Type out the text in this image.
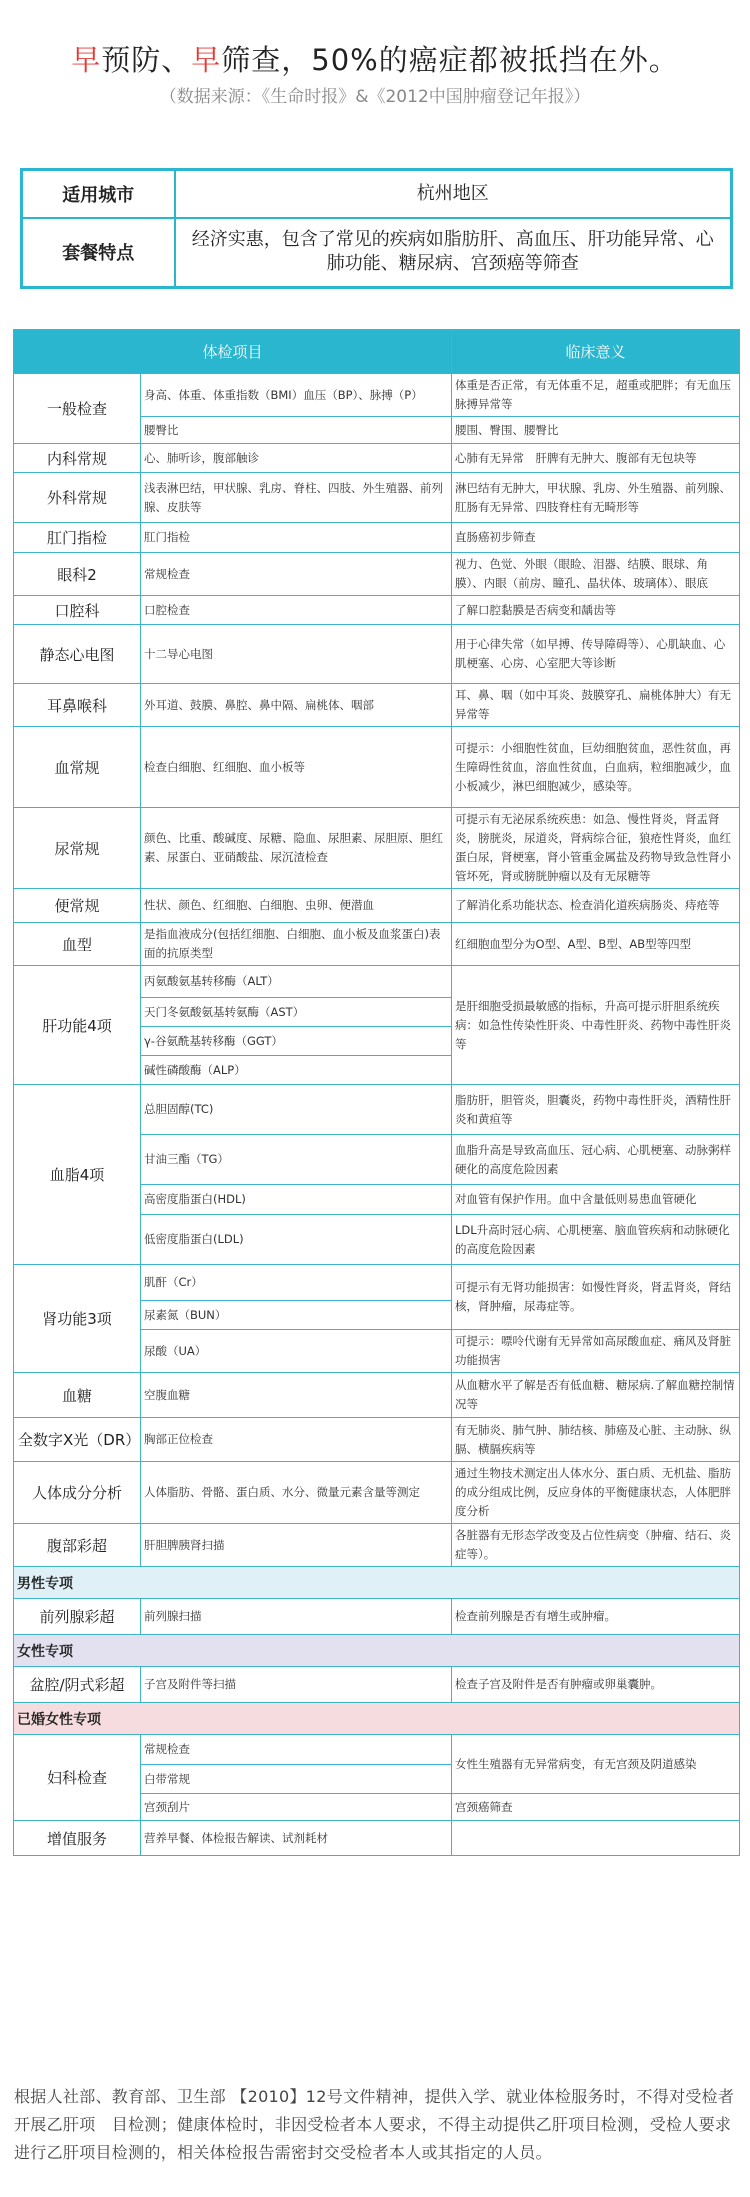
早预防、早筛查，50%的癌症都被抵挡在外。
（数据来源：《生命时报》&《2012中国肿瘤登记年报》）
适用城市	杭州地区
套餐特点	经济实惠，包含了常见的疾病如脂肪肝、高血压、肝功能异常、心肺功能、糖尿病、宫颈癌等筛查
体检项目		临床意义
一般检查	身高、体重、体重指数（BMI）血压（BP）、脉搏（P）	体重是否正常，有无体重不足，超重或肥胖；有无血压脉搏异常等
	腰臀比	腰围、臀围、腰臀比
内科常规	心、肺听诊，腹部触诊	心肺有无异常　肝脾有无肿大、腹部有无包块等
外科常规	浅表淋巴结，甲状腺、乳房、脊柱、四肢、外生殖器、前列腺、皮肤等	淋巴结有无肿大，甲状腺、乳房、外生殖器、前列腺、肛肠有无异常、四肢脊柱有无畸形等
肛门指检	肛门指检	直肠癌初步筛查
眼科2	常规检查	视力、色觉、外眼（眼睑、泪器、结膜、眼球、角膜）、内眼（前房、瞳孔、晶状体、玻璃体）、眼底
口腔科	口腔检查	了解口腔黏膜是否病变和龋齿等
静态心电图	十二导心电图	用于心律失常（如早搏、传导障碍等）、心肌缺血、心肌梗塞、心房、心室肥大等诊断
耳鼻喉科	外耳道、鼓膜、鼻腔、鼻中隔、扁桃体、咽部	耳、鼻、咽（如中耳炎、鼓膜穿孔、扁桃体肿大）有无异常等
血常规	检查白细胞、红细胞、血小板等	可提示：小细胞性贫血，巨幼细胞贫血，恶性贫血，再生障碍性贫血，溶血性贫血，白血病，粒细胞减少，血小板减少，淋巴细胞减少，感染等。
尿常规	颜色、比重、酸碱度、尿糖、隐血、尿胆素、尿胆原、胆红素、尿蛋白、亚硝酸盐、尿沉渣检查	可提示有无泌尿系统疾患：如急、慢性肾炎，肾盂肾炎，膀胱炎，尿道炎，肾病综合征，狼疮性肾炎，血红蛋白尿，肾梗塞，肾小管重金属盐及药物导致急性肾小管坏死，肾或膀胱肿瘤以及有无尿糖等
便常规	性状、颜色、红细胞、白细胞、虫卵、便潜血	了解消化系功能状态、检查消化道疾病肠炎、痔疮等
血型	是指血液成分(包括红细胞、白细胞、血小板及血浆蛋白)表面的抗原类型	红细胞血型分为O型、A型、B型、AB型等四型
肝功能4项	丙氨酸氨基转移酶（ALT）	是肝细胞受损最敏感的指标，升高可提示肝胆系统疾病：如急性传染性肝炎、中毒性肝炎、药物中毒性肝炎等
	天门冬氨酸氨基转氨酶（AST）	
	γ-谷氨酰基转移酶（GGT）	
	碱性磷酸酶（ALP）	
血脂4项	总胆固醇(TC)	脂肪肝，胆管炎，胆囊炎，药物中毒性肝炎，酒精性肝炎和黄疸等
	甘油三酯（TG）	血脂升高是导致高血压、冠心病、心肌梗塞、动脉粥样硬化的高度危险因素
	高密度脂蛋白(HDL)	对血管有保护作用。血中含量低则易患血管硬化
	低密度脂蛋白(LDL)	LDL升高时冠心病、心肌梗塞、脑血管疾病和动脉硬化的高度危险因素
肾功能3项	肌酐（Cr）	可提示有无肾功能损害：如慢性肾炎，肾盂肾炎，肾结核，肾肿瘤，尿毒症等。
	尿素氮（BUN）	
	尿酸（UA）	可提示：嘌呤代谢有无异常如高尿酸血症、痛风及肾脏功能损害
血糖	空腹血糖	从血糖水平了解是否有低血糖、糖尿病.了解血糖控制情况等
全数字X光（DR）	胸部正位检查	有无肺炎、肺气肿、肺结核、肺癌及心脏、主动脉、纵膈、横膈疾病等
人体成分分析	人体脂肪、骨骼、蛋白质、水分、微量元素含量等测定	通过生物技术测定出人体水分、蛋白质、无机盐、脂肪的成分组成比例，反应身体的平衡健康状态，人体肥胖度分析
腹部彩超	肝胆脾胰肾扫描	各脏器有无形态学改变及占位性病变（肿瘤、结石、炎症等）。
男性专项		
前列腺彩超	前列腺扫描	检查前列腺是否有增生或肿瘤。
女性专项		
盆腔/阴式彩超	子宫及附件等扫描	检查子宫及附件是否有肿瘤或卵巢囊肿。
已婚女性专项		
妇科检查	常规检查	女性生殖器有无异常病变，有无宫颈及阴道感染
	白带常规	
	宫颈刮片	宫颈癌筛查
增值服务	营养早餐、体检报告解读、试剂耗材	
根据人社部、教育部、卫生部 【2010】12号文件精神，提供入学、就业体检服务时，不得对受检者开展乙肝项　目检测；健康体检时，非因受检者本人要求，不得主动提供乙肝项目检测，受检人要求进行乙肝项目检测的，相关体检报告需密封交受检者本人或其指定的人员。
